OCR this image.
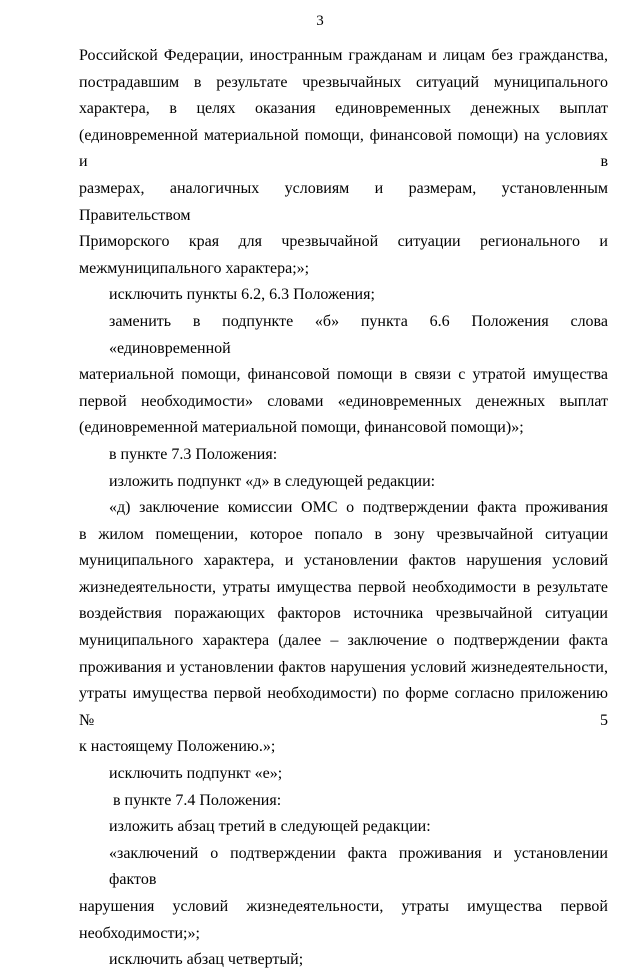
3
Российской Федерации, иностранным гражданам и лицам без гражданства,
пострадавшим в результате чрезвычайных ситуаций муниципального
характера, в целях оказания единовременных денежных выплат
(единовременной материальной помощи, финансовой помощи) на условиях и в
размерах, аналогичных условиям и размерам, установленным Правительством
Приморского края для чрезвычайной ситуации регионального и
межмуниципального характера;»;
исключить пункты 6.2, 6.3 Положения;
заменить в подпункте «б» пункта 6.6 Положения слова «единовременной
материальной помощи, финансовой помощи в связи с утратой имущества
первой необходимости» словами «единовременных денежных выплат
(единовременной материальной помощи, финансовой помощи)»;
в пункте 7.3 Положения:
изложить подпункт «д» в следующей редакции:
«д) заключение комиссии ОМС о подтверждении факта проживания
в жилом помещении, которое попало в зону чрезвычайной ситуации
муниципального характера, и установлении фактов нарушения условий
жизнедеятельности, утраты имущества первой необходимости в результате
воздействия поражающих факторов источника чрезвычайной ситуации
муниципального характера (далее – заключение о подтверждении факта
проживания и установлении фактов нарушения условий жизнедеятельности,
утраты имущества первой необходимости) по форме согласно приложению № 5
к настоящему Положению.»;
исключить подпункт «е»;
в пункте 7.4 Положения:
изложить абзац третий в следующей редакции:
«заключений о подтверждении факта проживания и установлении фактов
нарушения условий жизнедеятельности, утраты имущества первой
необходимости;»;
исключить абзац четвертый;
